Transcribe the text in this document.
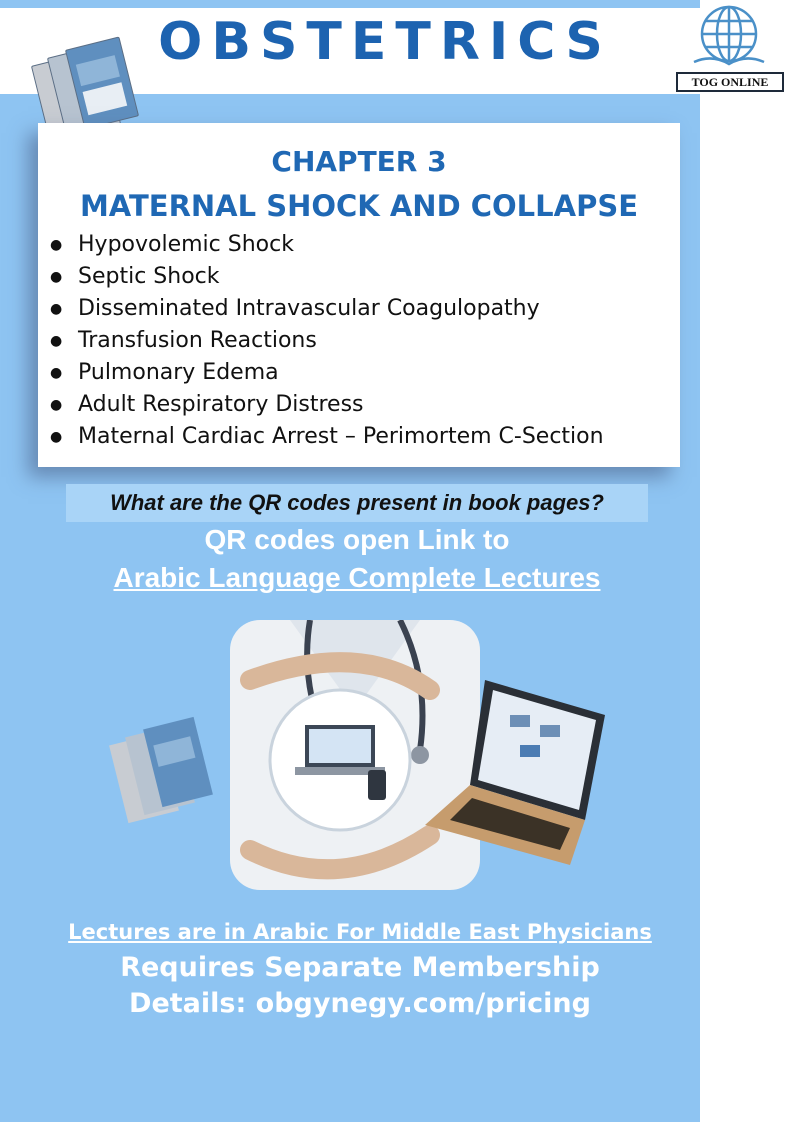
OBSTETRICS
TOG ONLINE
CHAPTER 3
MATERNAL SHOCK AND COLLAPSE
● Hypovolemic Shock
● Septic Shock
● Disseminated Intravascular Coagulopathy
● Transfusion Reactions
● Pulmonary Edema
● Adult Respiratory Distress
● Maternal Cardiac Arrest – Perimortem C-Section
What are the QR codes present in book pages?
QR codes open Link to
Arabic Language Complete Lectures
Lectures are in Arabic For Middle East Physicians
Requires Separate Membership
Details: obgynegy.com/pricing
